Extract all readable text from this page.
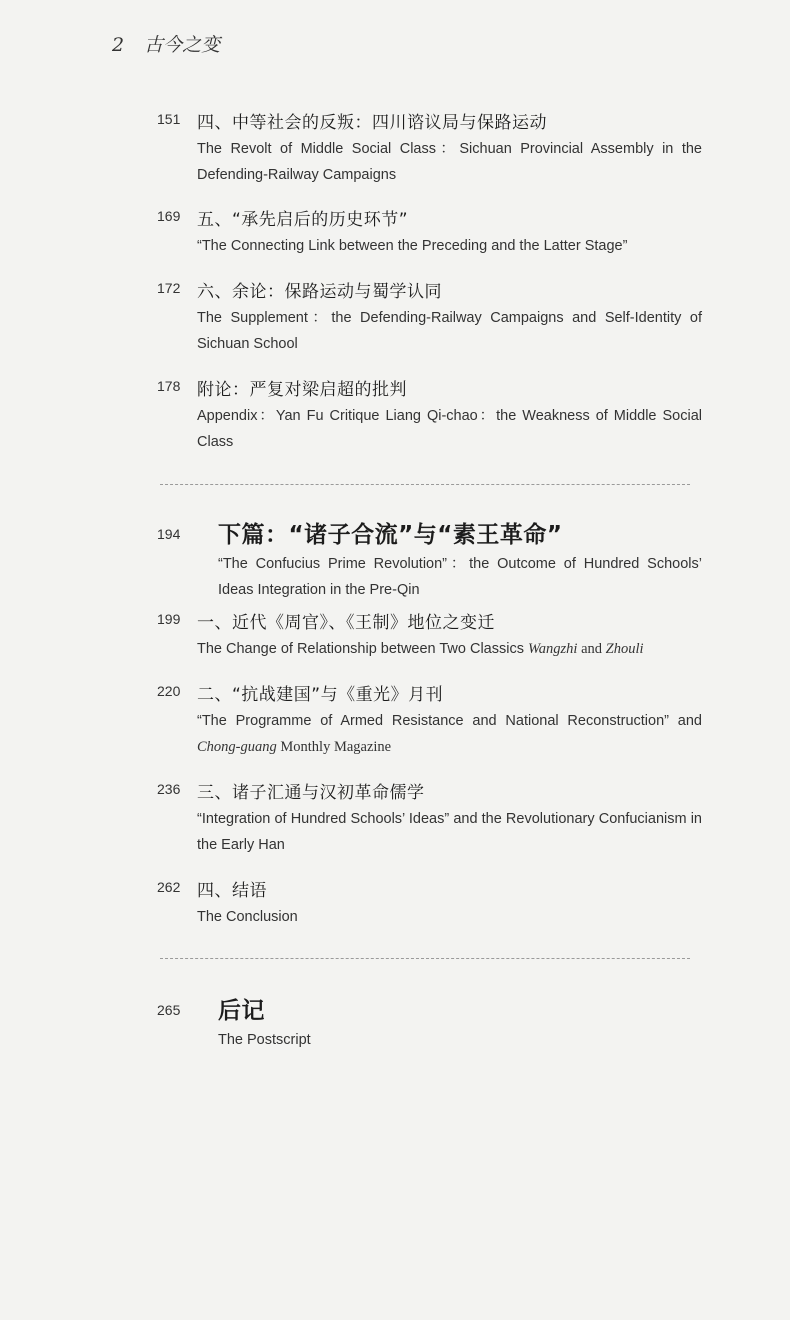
2 古今之变
151 四、中等社会的反叛：四川谘议局与保路运动
The Revolt of Middle Social Class：Sichuan Provincial Assembly in the Defending-Railway Campaigns
169 五、“承先启后的历史环节”
“The Connecting Link between the Preceding and the Latter Stage”
172 六、余论：保路运动与蜀学认同
The Supplement：the Defending-Railway Campaigns and Self-Identity of Sichuan School
178 附论：严复对梁启超的批判
Appendix：Yan Fu Critique Liang Qi-chao：the Weakness of Middle Social Class
194 下篇：“诸子合流”与“素王革命”
“The Confucius Prime Revolution”：the Outcome of Hundred Schools’ Ideas Integration in the Pre-Qin
199 一、近代《周官》、《王制》地位之变迁
The Change of Relationship between Two Classics Wangzhi and Zhouli
220 二、“抗战建国”与《重光》月刊
“The Programme of Armed Resistance and National Reconstruction” and Chong-guang Monthly Magazine
236 三、诸子汇通与汉初革命儒学
“Integration of Hundred Schools’ Ideas” and the Revolutionary Confucianism in the Early Han
262 四、结语
The Conclusion
265 后记
The Postscript
